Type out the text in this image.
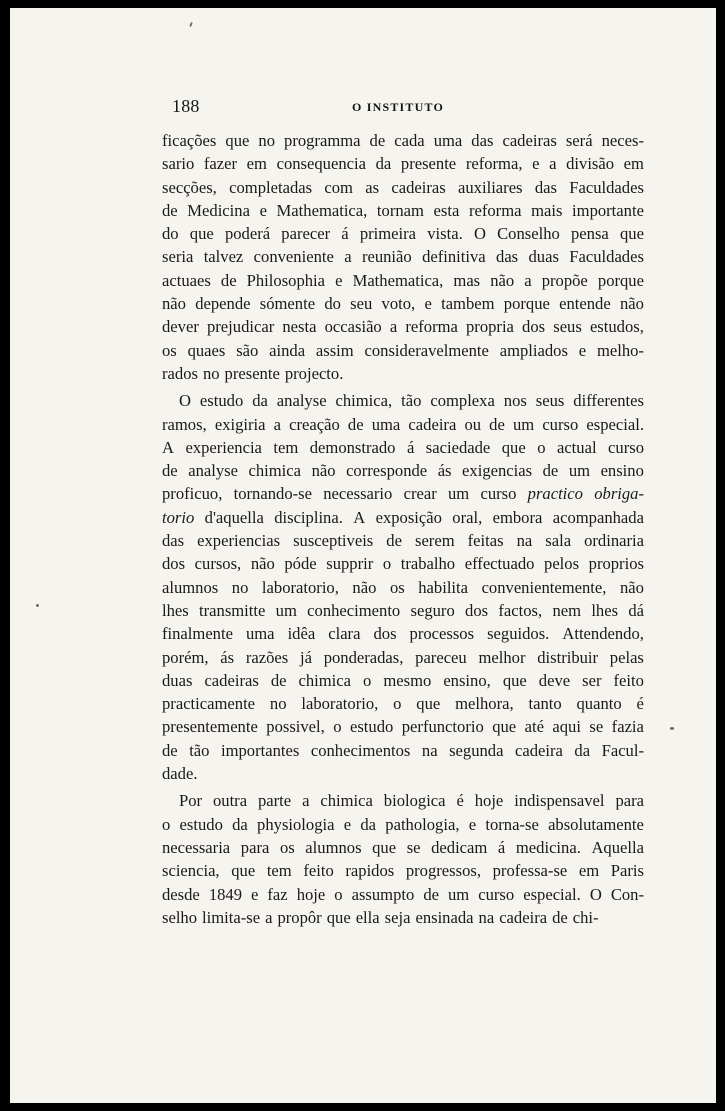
188	O INSTITUTO
ficações que no programma de cada uma das cadeiras será neces-
sario fazer em consequencia da presente reforma, e a divisão em
secções, completadas com as cadeiras auxiliares das Faculdades
de Medicina e Mathematica, tornam esta reforma mais importante
do que poderá parecer á primeira vista. O Conselho pensa que
seria talvez conveniente a reunião definitiva das duas Faculdades
actuaes de Philosophia e Mathematica, mas não a propõe porque
não depende sómente do seu voto, e tambem porque entende não
dever prejudicar nesta occasião a reforma propria dos seus estudos,
os quaes são ainda assim consideravelmente ampliados e melho-
rados no presente projecto.
O estudo da analyse chimica, tão complexa nos seus differentes
ramos, exigiria a creação de uma cadeira ou de um curso especial.
A experiencia tem demonstrado á saciedade que o actual curso
de analyse chimica não corresponde ás exigencias de um ensino
proficuo, tornando-se necessario crear um curso practico obriga-
torio d'aquella disciplina. A exposição oral, embora acompanhada
das experiencias susceptiveis de serem feitas na sala ordinaria
dos cursos, não póde supprir o trabalho effectuado pelos proprios
alumnos no laboratorio, não os habilita convenientemente, não
lhes transmitte um conhecimento seguro dos factos, nem lhes dá
finalmente uma idêa clara dos processos seguidos. Attendendo,
porém, ás razões já ponderadas, pareceu melhor distribuir pelas
duas cadeiras de chimica o mesmo ensino, que deve ser feito
practicamente no laboratorio, o que melhora, tanto quanto é
presentemente possivel, o estudo perfunctorio que até aqui se fazia
de tão importantes conhecimentos na segunda cadeira da Facul-
dade.
Por outra parte a chimica biologica é hoje indispensavel para
o estudo da physiologia e da pathologia, e torna-se absolutamente
necessaria para os alumnos que se dedicam á medicina. Aquella
sciencia, que tem feito rapidos progressos, professa-se em Paris
desde 1849 e faz hoje o assumpto de um curso especial. O Con-
selho limita-se a propôr que ella seja ensinada na cadeira de chi-
